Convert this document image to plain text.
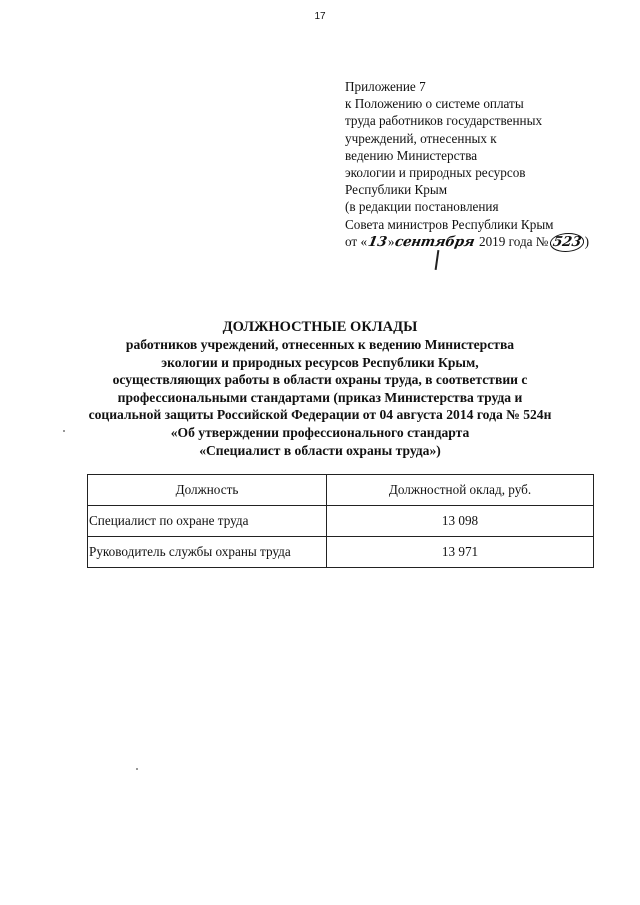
17
Приложение 7
к Положению о системе оплаты
труда работников государственных
учреждений, отнесенных к
ведению Министерства
экологии и природных ресурсов
Республики Крым
(в редакции постановления
Совета министров Республики Крым
от «13»сентября 2019 года № 523)
ДОЛЖНОСТНЫЕ ОКЛАДЫ
работников учреждений, отнесенных к ведению Министерства
экологии и природных ресурсов Республики Крым,
осуществляющих работы в области охраны труда, в соответствии с
профессиональными стандартами (приказ Министерства труда и
социальной защиты Российской Федерации от 04 августа 2014 года № 524н
«Об утверждении профессионального стандарта
«Специалист в области охраны труда»)
Должность	Должностной оклад, руб.
Специалист по охране труда	13 098
Руководитель службы охраны труда	13 971
